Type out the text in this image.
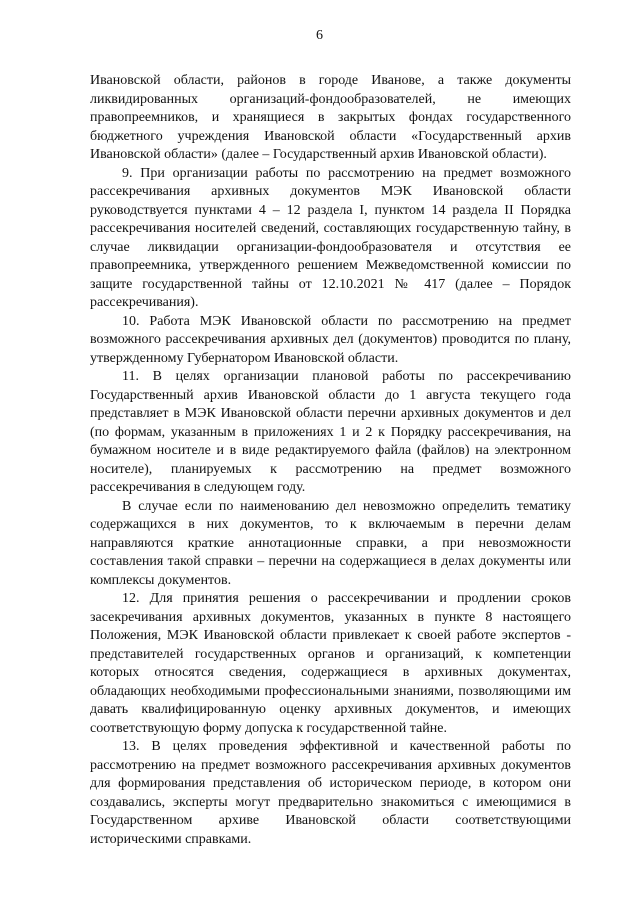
6

Ивановской области, районов в городе Иванове, а также документы ликвидированных организаций-фондообразователей, не имеющих правопреемников, и хранящиеся в закрытых фондах государственного бюджетного учреждения Ивановской области «Государственный архив Ивановской области» (далее – Государственный архив Ивановской области).

9. При организации работы по рассмотрению на предмет возможного рассекречивания архивных документов МЭК Ивановской области руководствуется пунктами 4 – 12 раздела I, пунктом 14 раздела II Порядка рассекречивания носителей сведений, составляющих государственную тайну, в случае ликвидации организации-фондообразователя и отсутствия ее правопреемника, утвержденного решением Межведомственной комиссии по защите государственной тайны от 12.10.2021 № 417 (далее – Порядок рассекречивания).

10. Работа МЭК Ивановской области по рассмотрению на предмет возможного рассекречивания архивных дел (документов) проводится по плану, утвержденному Губернатором Ивановской области.

11. В целях организации плановой работы по рассекречиванию Государственный архив Ивановской области до 1 августа текущего года представляет в МЭК Ивановской области перечни архивных документов и дел (по формам, указанным в приложениях 1 и 2 к Порядку рассекречивания, на бумажном носителе и в виде редактируемого файла (файлов) на электронном носителе), планируемых к рассмотрению на предмет возможного рассекречивания в следующем году.

В случае если по наименованию дел невозможно определить тематику содержащихся в них документов, то к включаемым в перечни делам направляются краткие аннотационные справки, а при невозможности составления такой справки – перечни на содержащиеся в делах документы или комплексы документов.

12. Для принятия решения о рассекречивании и продлении сроков засекречивания архивных документов, указанных в пункте 8 настоящего Положения, МЭК Ивановской области привлекает к своей работе экспертов - представителей государственных органов и организаций, к компетенции которых относятся сведения, содержащиеся в архивных документах, обладающих необходимыми профессиональными знаниями, позволяющими им давать квалифицированную оценку архивных документов, и имеющих соответствующую форму допуска к государственной тайне.

13. В целях проведения эффективной и качественной работы по рассмотрению на предмет возможного рассекречивания архивных документов для формирования представления об историческом периоде, в котором они создавались, эксперты могут предварительно знакомиться с имеющимися в Государственном архиве Ивановской области соответствующими историческими справками.
